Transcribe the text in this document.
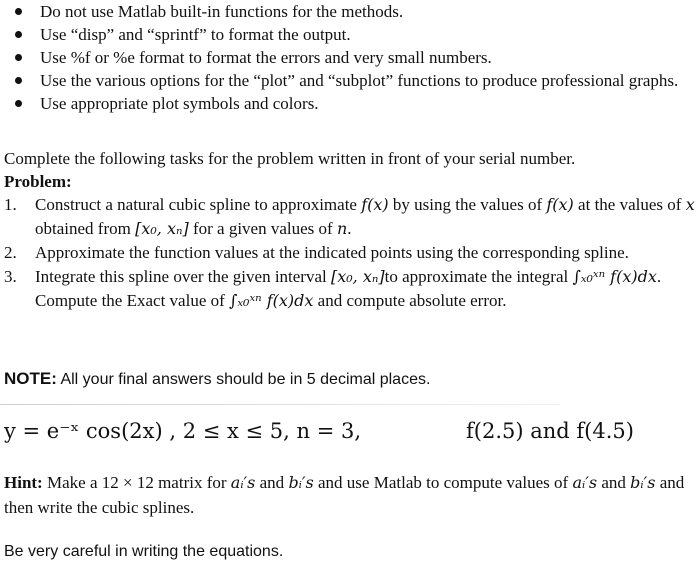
Do not use Matlab built-in functions for the methods.
Use “disp” and “sprintf” to format the output.
Use %f or %e format to format the errors and very small numbers.
Use the various options for the “plot” and “subplot” functions to produce professional graphs.
Use appropriate plot symbols and colors.
Complete the following tasks for the problem written in front of your serial number.
Problem:
1. Construct a natural cubic spline to approximate f(x) by using the values of f(x) at the values of x obtained from [x₀, xₙ] for a given values of n.
2. Approximate the function values at the indicated points using the corresponding spline.
3. Integrate this spline over the given interval [x₀, xₙ]to approximate the integral ∫ₓ₀ˣⁿ f(x)dx. Compute the Exact value of ∫ₓ₀ˣⁿ f(x)dx and compute absolute error.
NOTE: All your final answers should be in 5 decimal places.
y = e⁻ˣ cos(2x) , 2 ≤ x ≤ 5, n = 3,	f(2.5) and f(4.5)
Hint: Make a 12 × 12 matrix for aᵢ′s and bᵢ′s and use Matlab to compute values of aᵢ′s and bᵢ′s and then write the cubic splines.
Be very careful in writing the equations.
